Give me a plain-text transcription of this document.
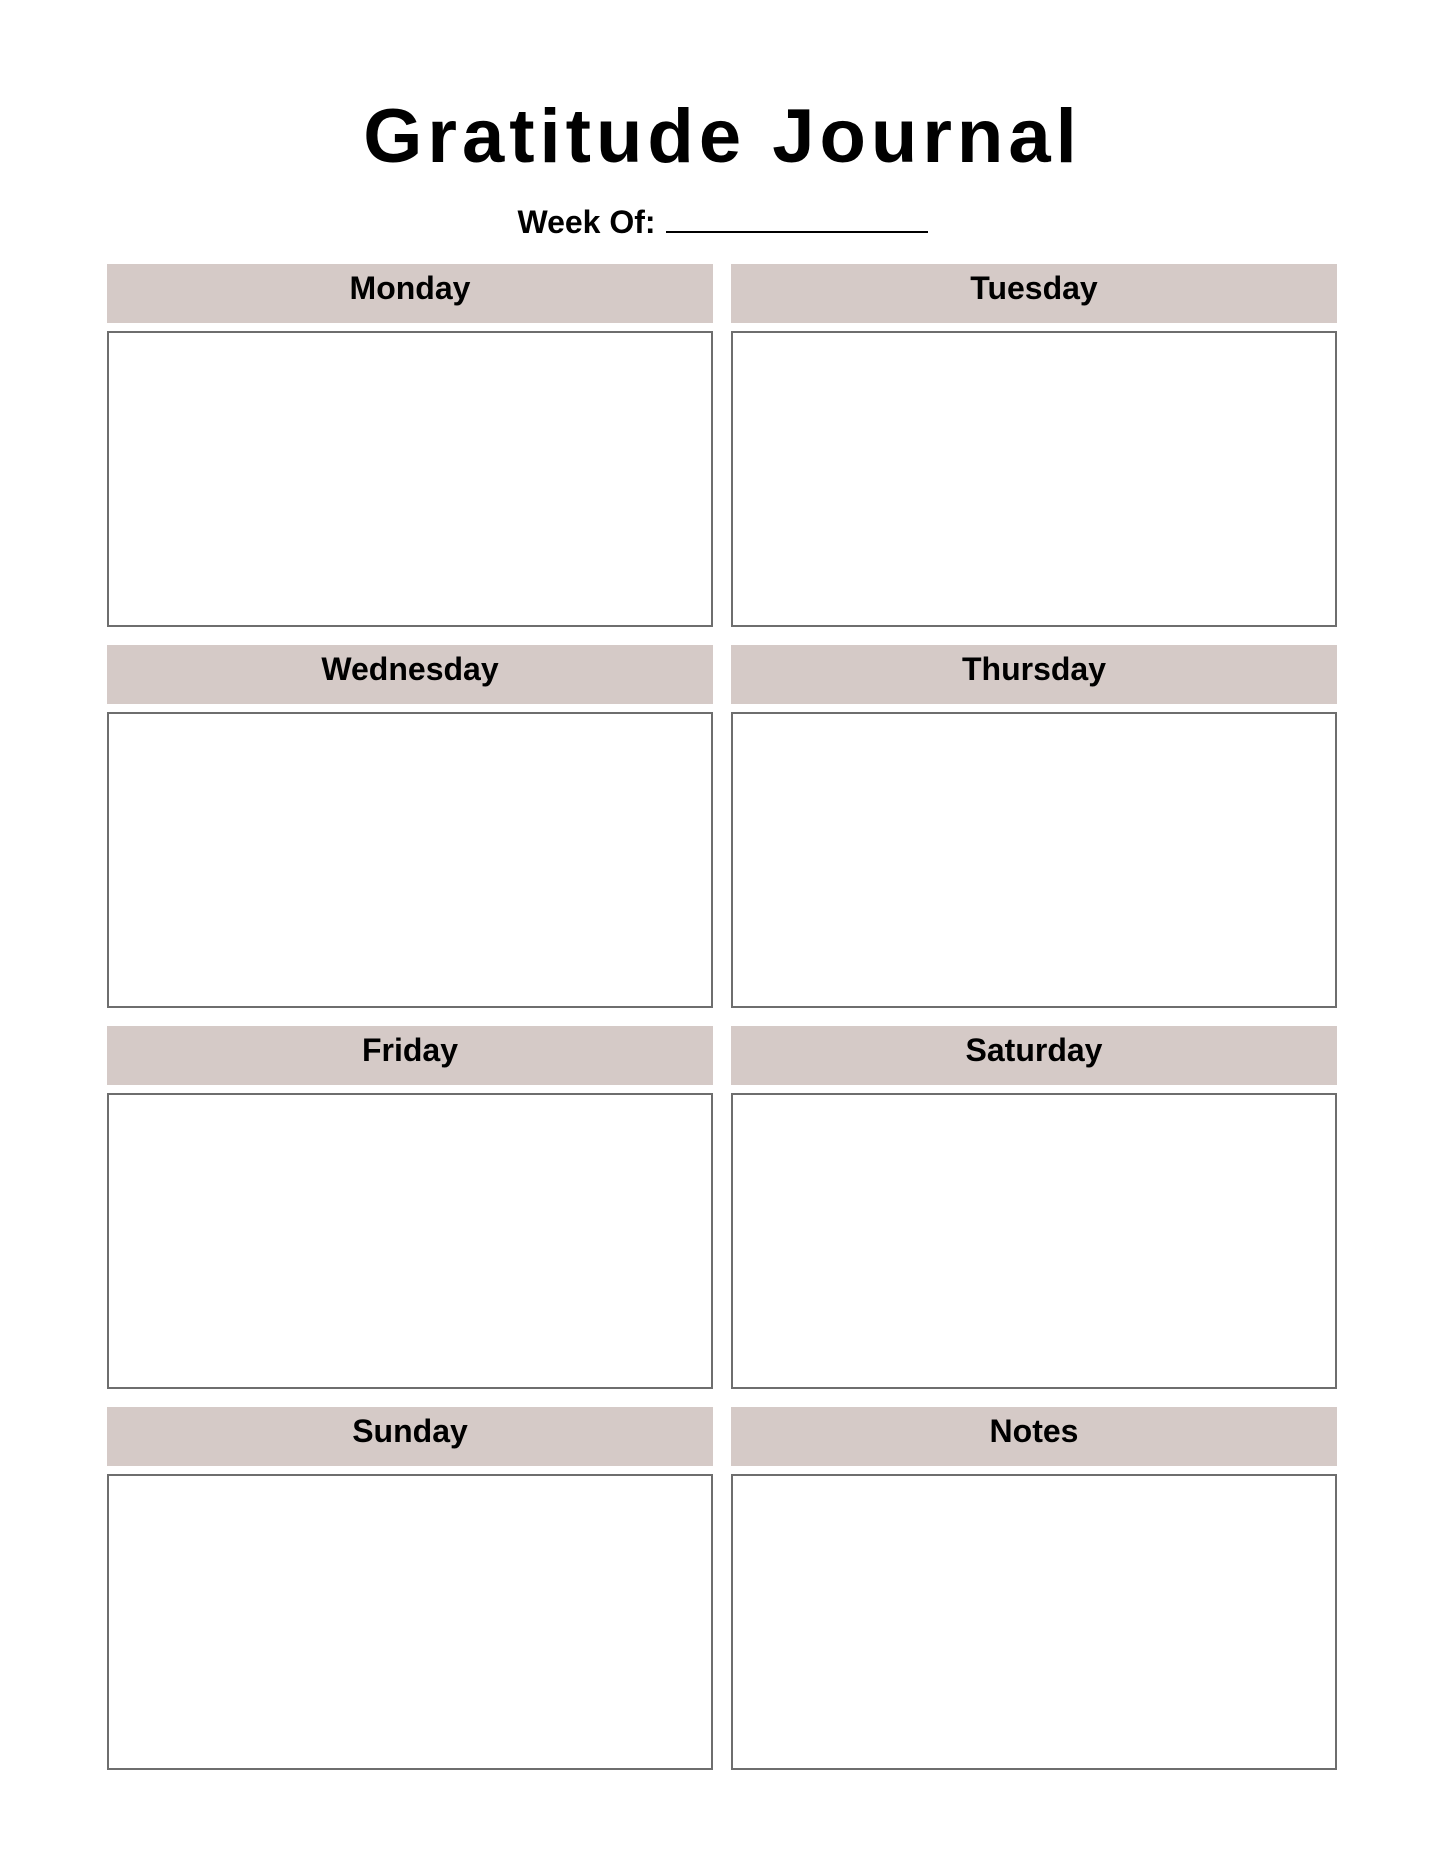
Gratitude Journal
Week Of:
Monday	Tuesday
Wednesday	Thursday
Friday	Saturday
Sunday	Notes
